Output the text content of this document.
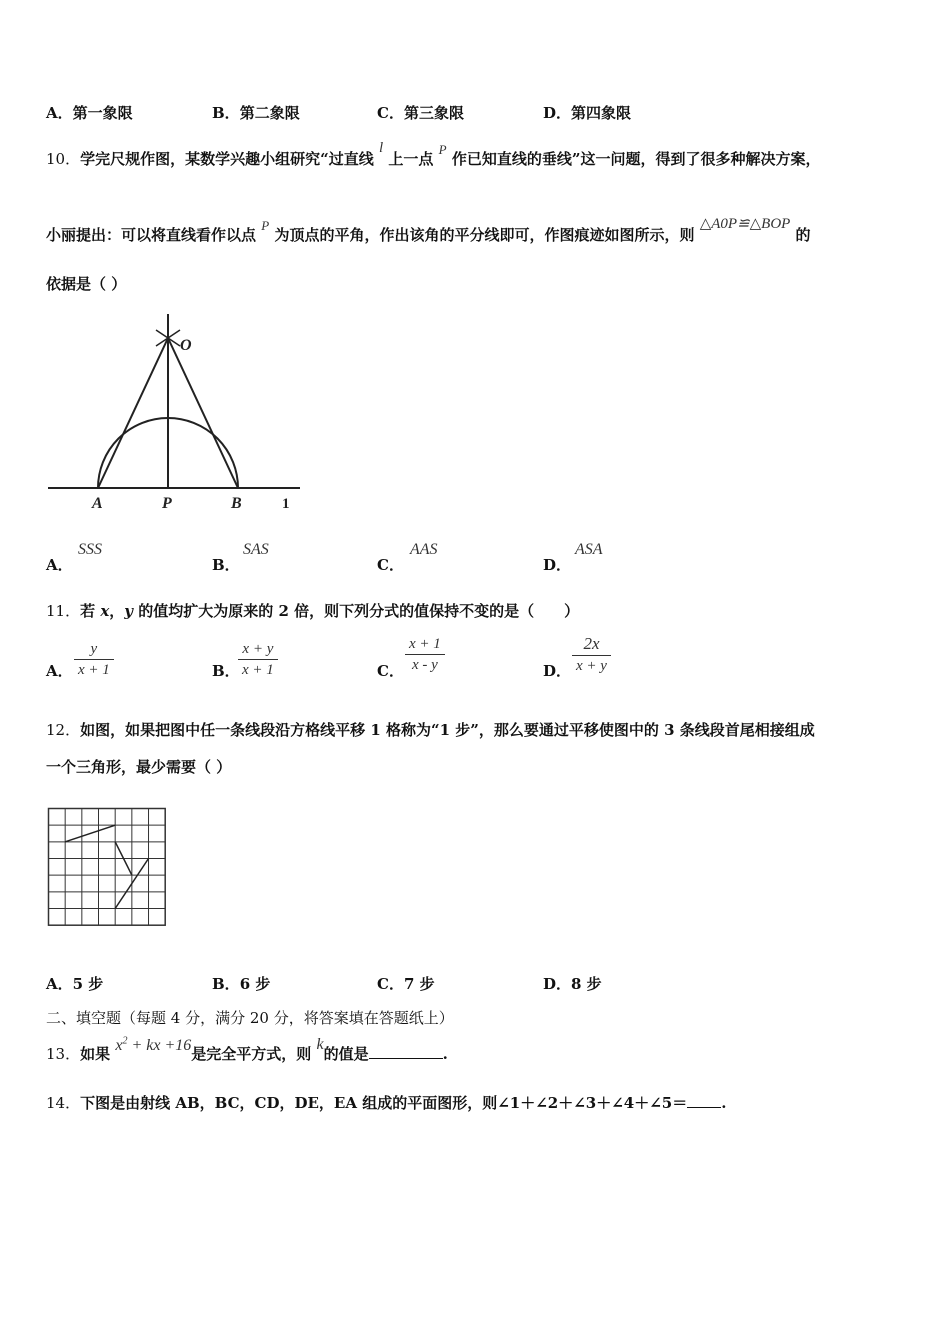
A．第一象限	B．第二象限	C．第三象限	D．第四象限
10．学完尺规作图，某数学兴趣小组研究“过直线 l 上一点 P 作已知直线的垂线”这一问题，得到了很多种解决方案，
小丽提出：可以将直线看作以点 P 为顶点的平角，作出该角的平分线即可，作图痕迹如图所示，则 △A0P≌△BOP 的
依据是（ ）
O
A	P	B	1
A．
SSS
B．
SAS
C．
AAS
D．
ASA
11．若 x，y 的值均扩大为原来的 2 倍，则下列分式的值保持不变的是（　　）
A． $\frac{y}{x + 1}$	B．
$\frac{x + y}{x + 1}$	C． $\frac{x + 1}{x - y}$	D． $\frac{2x}{x + y}$
12．如图，如果把图中任一条线段沿方格线平移 1 格称为“1 步”，那么要通过平移使图中的 3 条线段首尾相接组成
一个三角形，最少需要（ ）
A．5 步	B．6 步	C．7 步	D．8 步
二、填空题（每题 4 分，满分 20 分，将答案填在答题纸上）
13．如果 $x^2$ + kx +16是完全平方式，则 k的值是	.
14．下图是由射线 AB，BC，CD，DE，EA 组成的平面图形，则∠1＋∠2＋∠3＋∠4＋∠5＝ .
